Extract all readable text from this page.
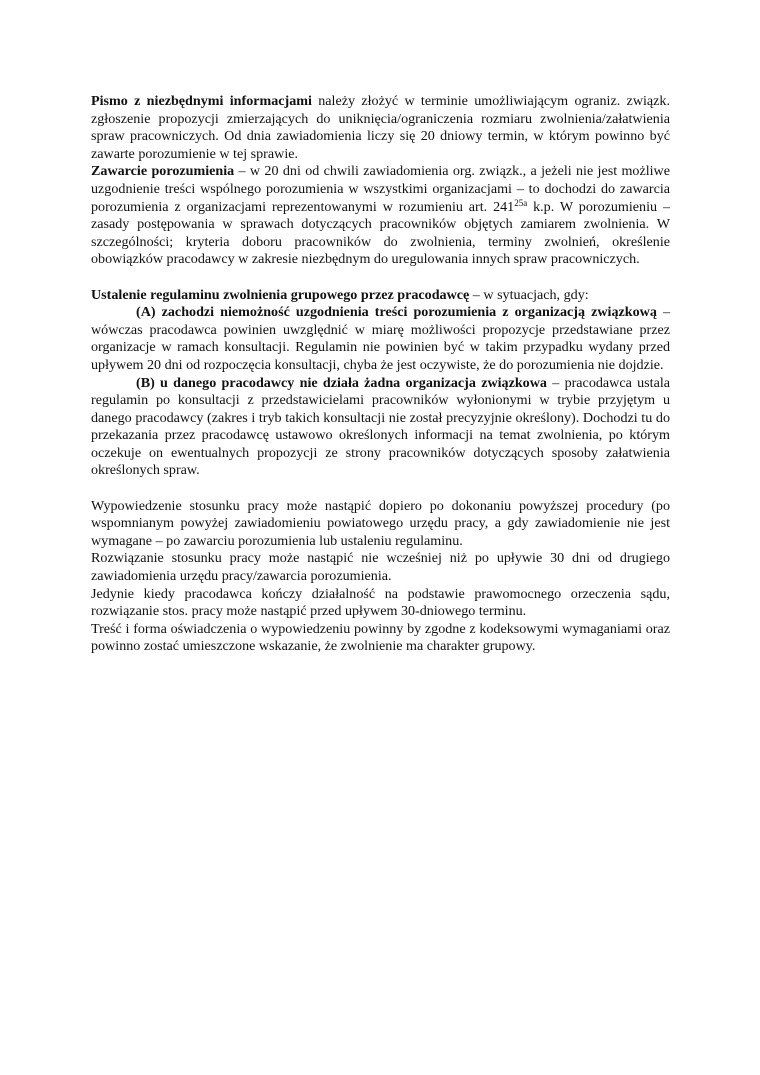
Pismo z niezbędnymi informacjami należy złożyć w terminie umożliwiającym ograniz. związk. zgłoszenie propozycji zmierzających do uniknięcia/ograniczenia rozmiaru zwolnienia/załatwienia spraw pracowniczych. Od dnia zawiadomienia liczy się 20 dniowy termin, w którym powinno być zawarte porozumienie w tej sprawie.

Zawarcie porozumienia – w 20 dni od chwili zawiadomienia org. związk., a jeżeli nie jest możliwe uzgodnienie treści wspólnego porozumienia w wszystkimi organizacjami – to dochodzi do zawarcia porozumienia z organizacjami reprezentowanymi w rozumieniu art. $241^{25a}$ k.p. W porozumieniu – zasady postępowania w sprawach dotyczących pracowników objętych zamiarem zwolnienia. W szczególności; kryteria doboru pracowników do zwolnienia, terminy zwolnień, określenie obowiązków pracodawcy w zakresie niezbędnym do uregulowania innych spraw pracowniczych.

Ustalenie regulaminu zwolnienia grupowego przez pracodawcę – w sytuacjach, gdy:

(A) zachodzi niemożność uzgodnienia treści porozumienia z organizacją związkową – wówczas pracodawca powinien uwzględnić w miarę możliwości propozycje przedstawiane przez organizacje w ramach konsultacji. Regulamin nie powinien być w takim przypadku wydany przed upływem 20 dni od rozpoczęcia konsultacji, chyba że jest oczywiste, że do porozumienia nie dojdzie.

(B) u danego pracodawcy nie działa żadna organizacja związkowa – pracodawca ustala regulamin po konsultacji z przedstawicielami pracowników wyłonionymi w trybie przyjętym u danego pracodawcy (zakres i tryb takich konsultacji nie został precyzyjnie określony). Dochodzi tu do przekazania przez pracodawcę ustawowo określonych informacji na temat zwolnienia, po którym oczekuje on ewentualnych propozycji ze strony pracowników dotyczących sposoby załatwienia określonych spraw.

Wypowiedzenie stosunku pracy może nastąpić dopiero po dokonaniu powyższej procedury (po wspomnianym powyżej zawiadomieniu powiatowego urzędu pracy, a gdy zawiadomienie nie jest wymagane – po zawarciu porozumienia lub ustaleniu regulaminu.

Rozwiązanie stosunku pracy może nastąpić nie wcześniej niż po upływie 30 dni od drugiego zawiadomienia urzędu pracy/zawarcia porozumienia.

Jedynie kiedy pracodawca kończy działalność na podstawie prawomocnego orzeczenia sądu, rozwiązanie stos. pracy może nastąpić przed upływem 30-dniowego terminu.

Treść i forma oświadczenia o wypowiedzeniu powinny by zgodne z kodeksowymi wymaganiami oraz powinno zostać umieszczone wskazanie, że zwolnienie ma charakter grupowy.
